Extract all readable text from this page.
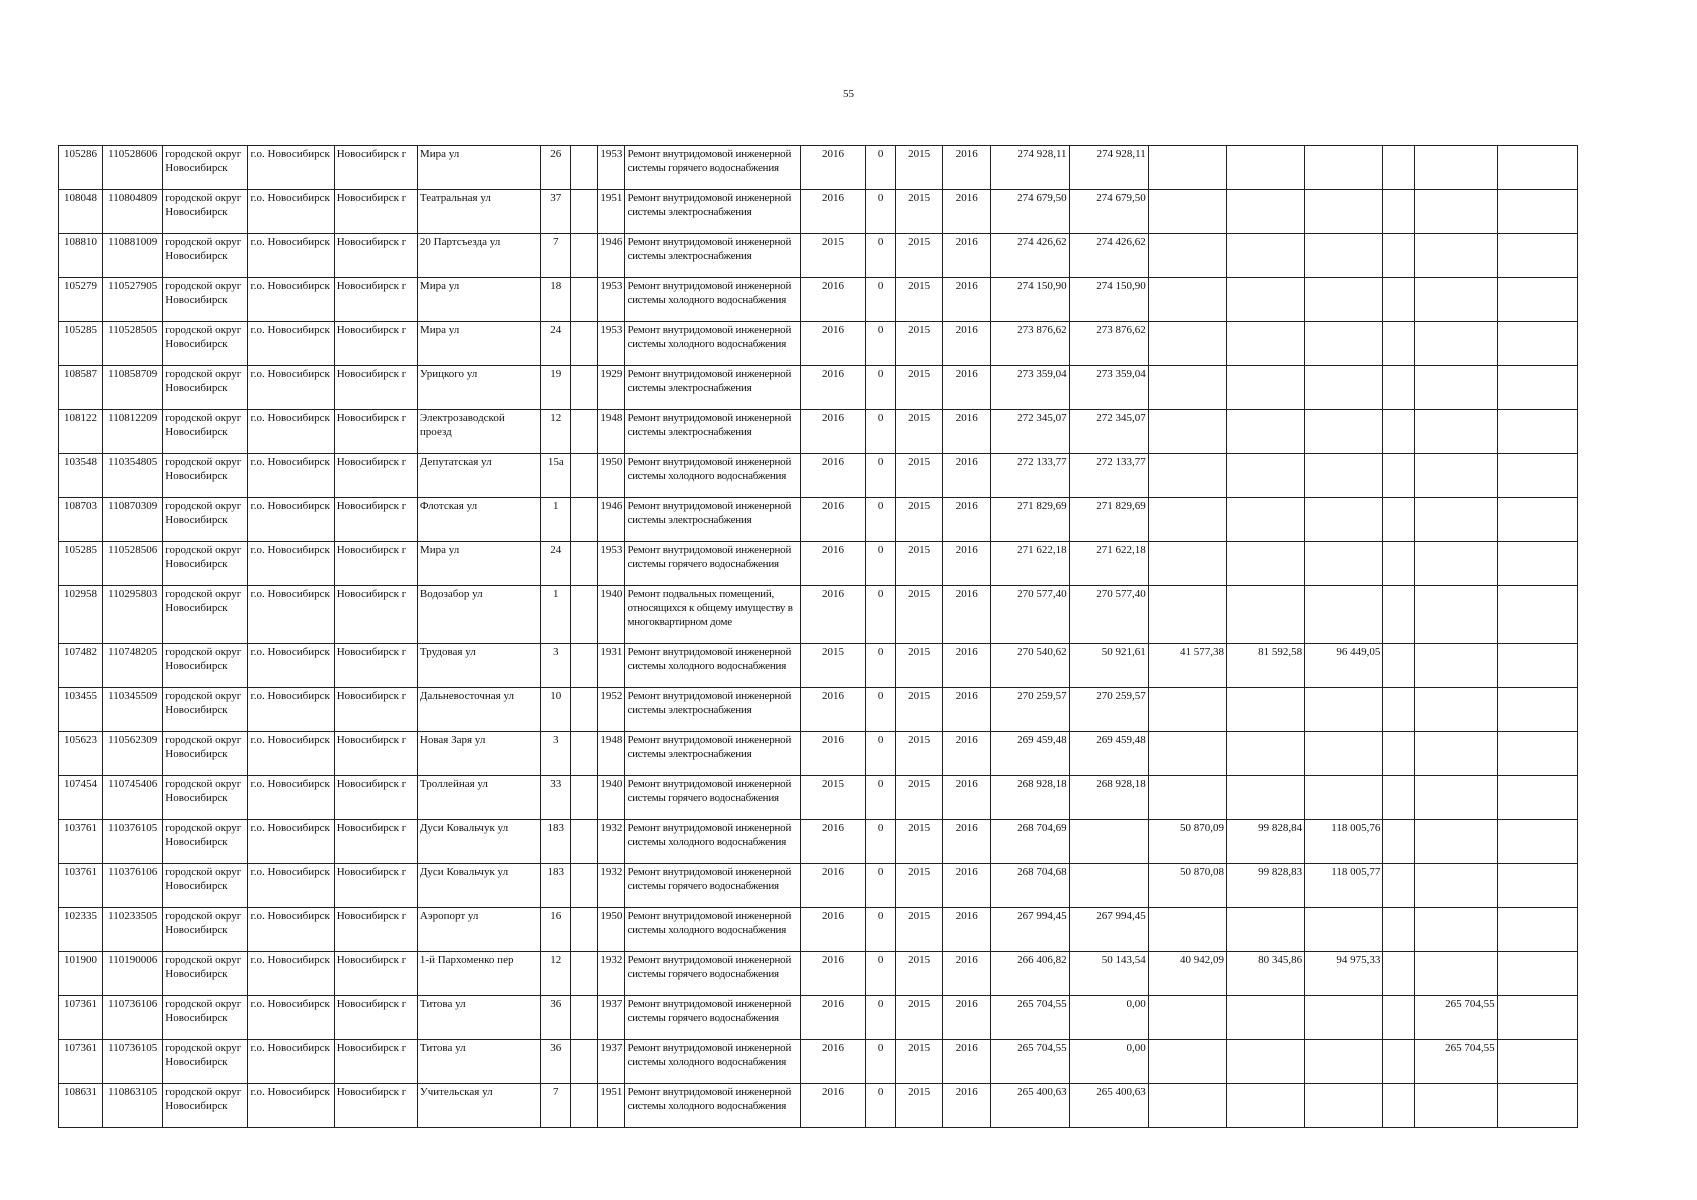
55
105286	110528606	городской округ Новосибирск	г.о. Новосибирск	Новосибирск г	Мира ул	26		1953	Ремонт внутридомовой инженерной системы горячего водоснабжения	2016	0	2015	2016	274 928,11	274 928,11						
108048	110804809	городской округ Новосибирск	г.о. Новосибирск	Новосибирск г	Театральная ул	37		1951	Ремонт внутридомовой инженерной системы электроснабжения	2016	0	2015	2016	274 679,50	274 679,50						
108810	110881009	городской округ Новосибирск	г.о. Новосибирск	Новосибирск г	20 Партсъезда ул	7		1946	Ремонт внутридомовой инженерной системы электроснабжения	2015	0	2015	2016	274 426,62	274 426,62						
105279	110527905	городской округ Новосибирск	г.о. Новосибирск	Новосибирск г	Мира ул	18		1953	Ремонт внутридомовой инженерной системы холодного водоснабжения	2016	0	2015	2016	274 150,90	274 150,90						
105285	110528505	городской округ Новосибирск	г.о. Новосибирск	Новосибирск г	Мира ул	24		1953	Ремонт внутридомовой инженерной системы холодного водоснабжения	2016	0	2015	2016	273 876,62	273 876,62						
108587	110858709	городской округ Новосибирск	г.о. Новосибирск	Новосибирск г	Урицкого ул	19		1929	Ремонт внутридомовой инженерной системы электроснабжения	2016	0	2015	2016	273 359,04	273 359,04						
108122	110812209	городской округ Новосибирск	г.о. Новосибирск	Новосибирск г	Электрозаводской проезд	12		1948	Ремонт внутридомовой инженерной системы электроснабжения	2016	0	2015	2016	272 345,07	272 345,07						
103548	110354805	городской округ Новосибирск	г.о. Новосибирск	Новосибирск г	Депутатская ул	15а		1950	Ремонт внутридомовой инженерной системы холодного водоснабжения	2016	0	2015	2016	272 133,77	272 133,77						
108703	110870309	городской округ Новосибирск	г.о. Новосибирск	Новосибирск г	Флотская ул	1		1946	Ремонт внутридомовой инженерной системы электроснабжения	2016	0	2015	2016	271 829,69	271 829,69						
105285	110528506	городской округ Новосибирск	г.о. Новосибирск	Новосибирск г	Мира ул	24		1953	Ремонт внутридомовой инженерной системы горячего водоснабжения	2016	0	2015	2016	271 622,18	271 622,18						
102958	110295803	городской округ Новосибирск	г.о. Новосибирск	Новосибирск г	Водозабор ул	1		1940	Ремонт подвальных помещений, относящихся к общему имуществу в многоквартирном доме	2016	0	2015	2016	270 577,40	270 577,40						
107482	110748205	городской округ Новосибирск	г.о. Новосибирск	Новосибирск г	Трудовая ул	3		1931	Ремонт внутридомовой инженерной системы холодного водоснабжения	2015	0	2015	2016	270 540,62	50 921,61	41 577,38	81 592,58	96 449,05			
103455	110345509	городской округ Новосибирск	г.о. Новосибирск	Новосибирск г	Дальневосточная ул	10		1952	Ремонт внутридомовой инженерной системы электроснабжения	2016	0	2015	2016	270 259,57	270 259,57						
105623	110562309	городской округ Новосибирск	г.о. Новосибирск	Новосибирск г	Новая Заря ул	3		1948	Ремонт внутридомовой инженерной системы электроснабжения	2016	0	2015	2016	269 459,48	269 459,48						
107454	110745406	городской округ Новосибирск	г.о. Новосибирск	Новосибирск г	Троллейная ул	33		1940	Ремонт внутридомовой инженерной системы горячего водоснабжения	2015	0	2015	2016	268 928,18	268 928,18						
103761	110376105	городской округ Новосибирск	г.о. Новосибирск	Новосибирск г	Дуси Ковальчук ул	183		1932	Ремонт внутридомовой инженерной системы холодного водоснабжения	2016	0	2015	2016	268 704,69		50 870,09	99 828,84	118 005,76			
103761	110376106	городской округ Новосибирск	г.о. Новосибирск	Новосибирск г	Дуси Ковальчук ул	183		1932	Ремонт внутридомовой инженерной системы горячего водоснабжения	2016	0	2015	2016	268 704,68		50 870,08	99 828,83	118 005,77			
102335	110233505	городской округ Новосибирск	г.о. Новосибирск	Новосибирск г	Аэропорт ул	16		1950	Ремонт внутридомовой инженерной системы холодного водоснабжения	2016	0	2015	2016	267 994,45	267 994,45						
101900	110190006	городской округ Новосибирск	г.о. Новосибирск	Новосибирск г	1-й Пархоменко пер	12		1932	Ремонт внутридомовой инженерной системы горячего водоснабжения	2016	0	2015	2016	266 406,82	50 143,54	40 942,09	80 345,86	94 975,33			
107361	110736106	городской округ Новосибирск	г.о. Новосибирск	Новосибирск г	Титова ул	36		1937	Ремонт внутридомовой инженерной системы горячего водоснабжения	2016	0	2015	2016	265 704,55	0,00					265 704,55	
107361	110736105	городской округ Новосибирск	г.о. Новосибирск	Новосибирск г	Титова ул	36		1937	Ремонт внутридомовой инженерной системы холодного водоснабжения	2016	0	2015	2016	265 704,55	0,00					265 704,55	
108631	110863105	городской округ Новосибирск	г.о. Новосибирск	Новосибирск г	Учительская ул	7		1951	Ремонт внутридомовой инженерной системы холодного водоснабжения	2016	0	2015	2016	265 400,63	265 400,63						
